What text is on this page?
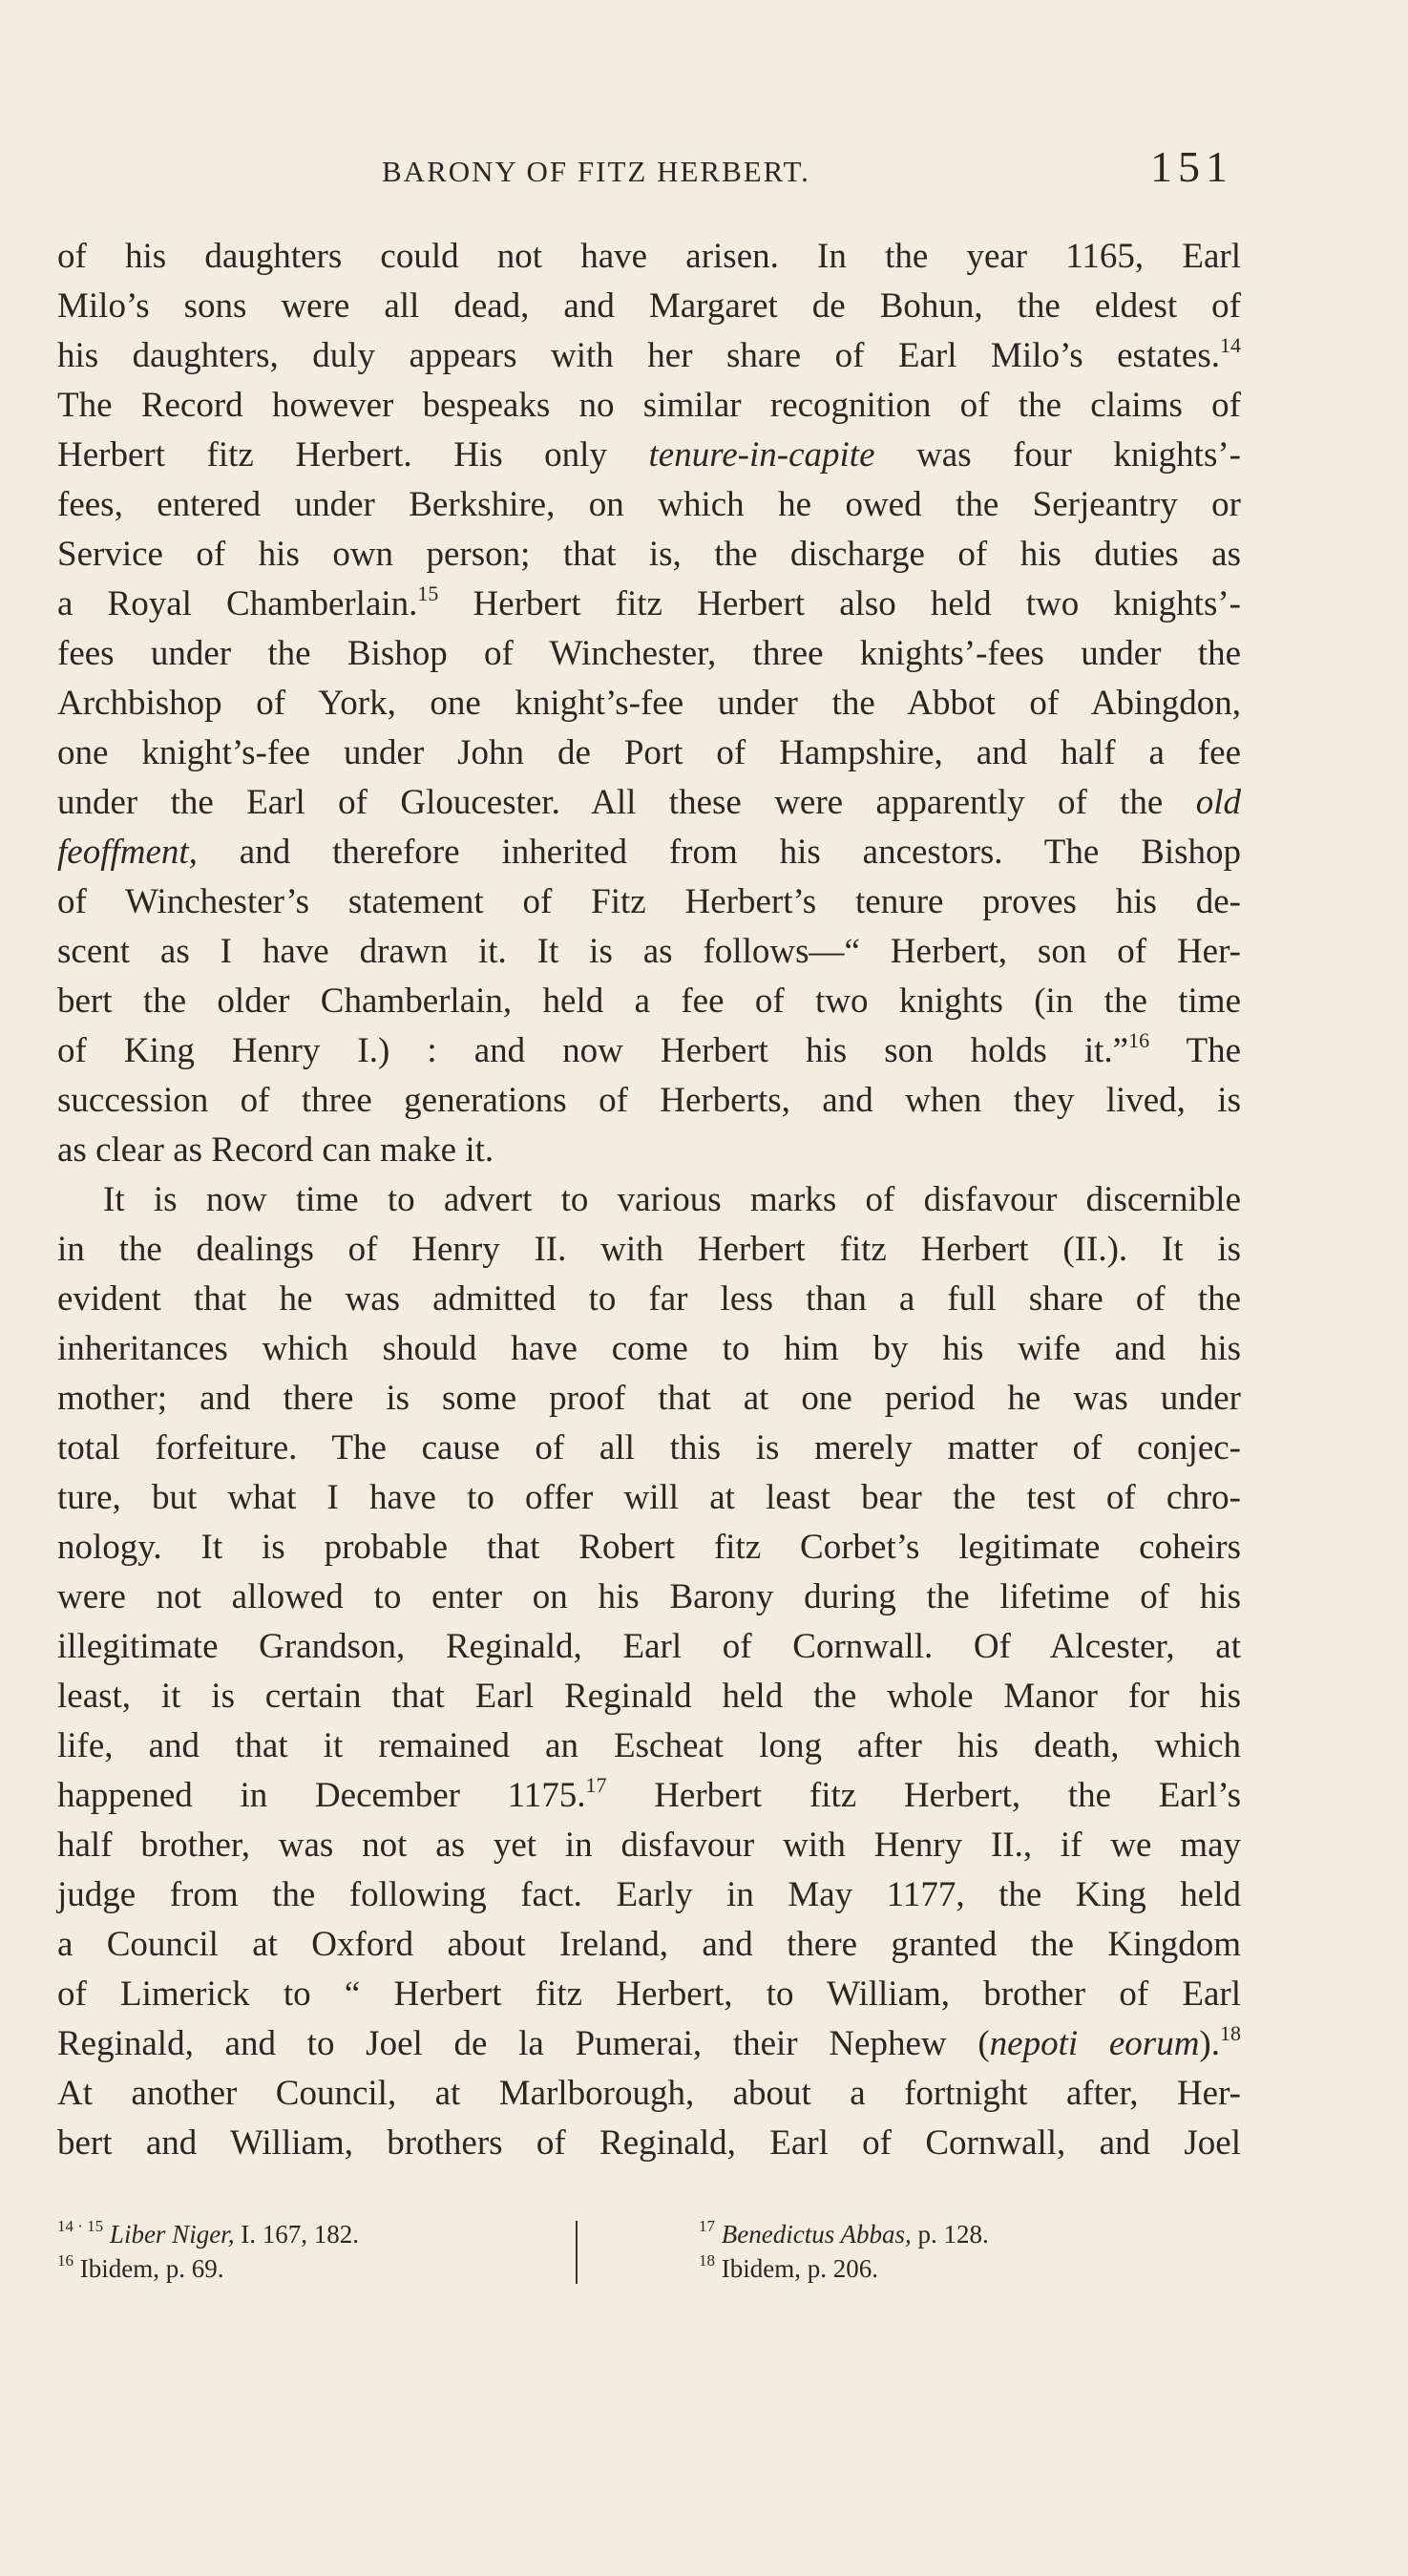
BARONY OF FITZ HERBERT.	151
of his daughters could not have arisen. In the year 1165, Earl
Milo’s sons were all dead, and Margaret de Bohun, the eldest of
his daughters, duly appears with her share of Earl Milo’s estates.$^{14}$
The Record however bespeaks no similar recognition of the claims of
Herbert fitz Herbert. His only tenure-in-capite was four knights’-
fees, entered under Berkshire, on which he owed the Serjeantry or
Service of his own person; that is, the discharge of his duties as
a Royal Chamberlain.$^{15}$ Herbert fitz Herbert also held two knights’-
fees under the Bishop of Winchester, three knights’-fees under the
Archbishop of York, one knight’s-fee under the Abbot of Abingdon,
one knight’s-fee under John de Port of Hampshire, and half a fee
under the Earl of Gloucester. All these were apparently of the old
feoffment, and therefore inherited from his ancestors. The Bishop
of Winchester’s statement of Fitz Herbert’s tenure proves his de-
scent as I have drawn it. It is as follows—“ Herbert, son of Her-
bert the older Chamberlain, held a fee of two knights (in the time
of King Henry I.) : and now Herbert his son holds it.”$^{16}$ The
succession of three generations of Herberts, and when they lived, is
as clear as Record can make it.
It is now time to advert to various marks of disfavour discernible
in the dealings of Henry II. with Herbert fitz Herbert (II.). It is
evident that he was admitted to far less than a full share of the
inheritances which should have come to him by his wife and his
mother; and there is some proof that at one period he was under
total forfeiture. The cause of all this is merely matter of conjec-
ture, but what I have to offer will at least bear the test of chro-
nology. It is probable that Robert fitz Corbet’s legitimate coheirs
were not allowed to enter on his Barony during the lifetime of his
illegitimate Grandson, Reginald, Earl of Cornwall. Of Alcester, at
least, it is certain that Earl Reginald held the whole Manor for his
life, and that it remained an Escheat long after his death, which
happened in December 1175.17 Herbert fitz Herbert, the Earl’s
half brother, was not as yet in disfavour with Henry II., if we may
judge from the following fact. Early in May 1177, the King held
a Council at Oxford about Ireland, and there granted the Kingdom
of Limerick to “ Herbert fitz Herbert, to William, brother of Earl
Reginald, and to Joel de la Pumerai, their Nephew (nepoti eorum).$^{18}$
At another Council, at Marlborough, about a fortnight after, Her-
bert and William, brothers of Reginald, Earl of Cornwall, and Joel
$^{14 \cdot 15}$ Liber Niger, I. 167, 182.
$^{16}$ Ibidem, p. 69.
$^{17}$ Benedictus Abbas, p. 128.
$^{18}$ Ibidem, p. 206.
